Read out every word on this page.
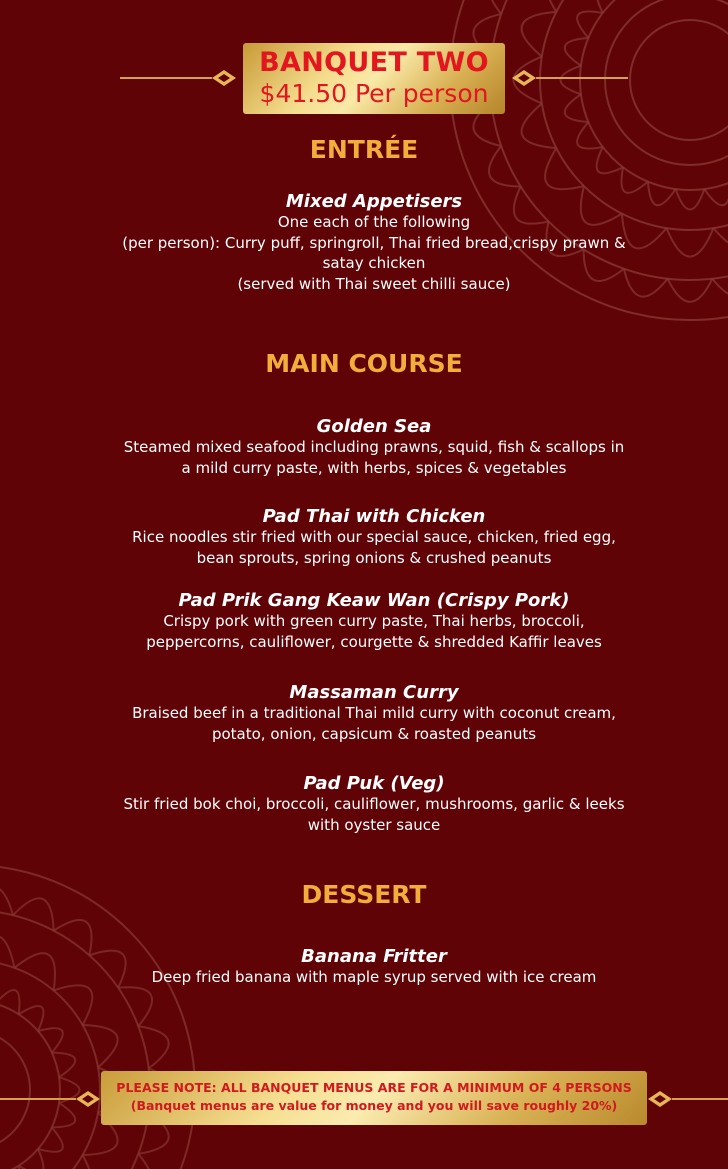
BANQUET TWO
$41.50 Per person
ENTRÉE
Mixed Appetisers
One each of the following
(per person): Curry puff, springroll, Thai fried bread,crispy prawn &
satay chicken
(served with Thai sweet chilli sauce)
MAIN COURSE
Golden Sea
Steamed mixed seafood including prawns, squid, fish & scallops in
a mild curry paste, with herbs, spices & vegetables
Pad Thai with Chicken
Rice noodles stir fried with our special sauce, chicken, fried egg,
bean sprouts, spring onions & crushed peanuts
Pad Prik Gang Keaw Wan (Crispy Pork)
Crispy pork with green curry paste, Thai herbs, broccoli,
peppercorns, cauliflower, courgette & shredded Kaffir leaves
Massaman Curry
Braised beef in a traditional Thai mild curry with coconut cream,
potato, onion, capsicum & roasted peanuts
Pad Puk (Veg)
Stir fried bok choi, broccoli, cauliflower, mushrooms, garlic & leeks
with oyster sauce
DESSERT
Banana Fritter
Deep fried banana with maple syrup served with ice cream
PLEASE NOTE: ALL BANQUET MENUS ARE FOR A MINIMUM OF 4 PERSONS
(Banquet menus are value for money and you will save roughly 20%)
